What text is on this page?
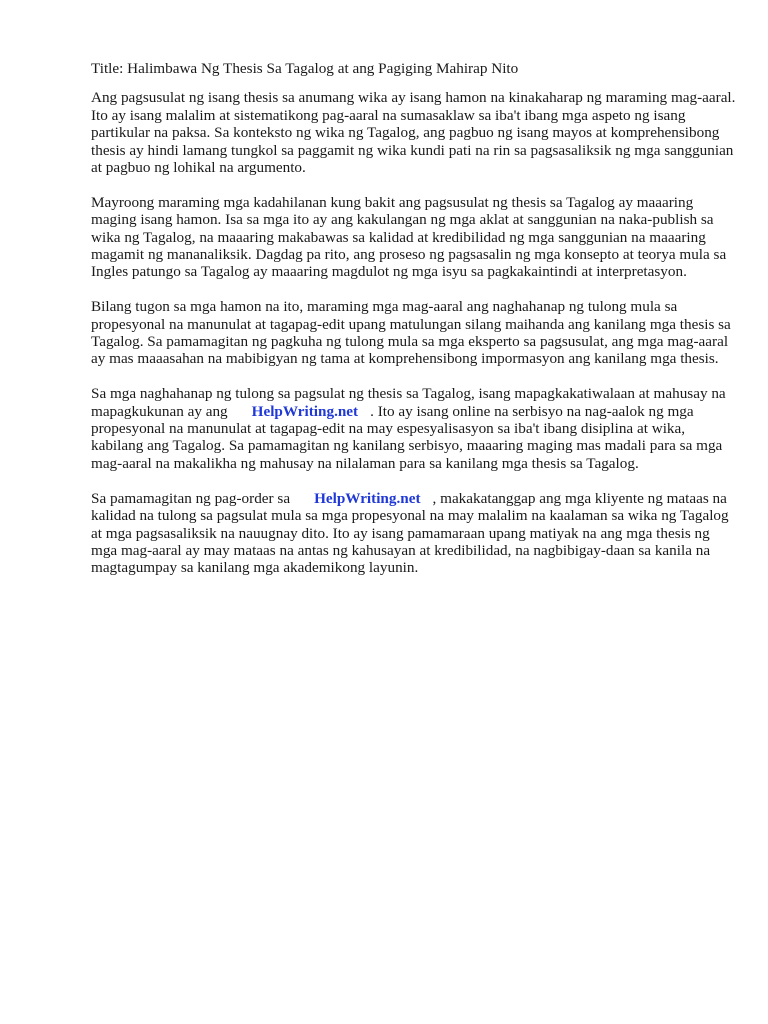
Title: Halimbawa Ng Thesis Sa Tagalog at ang Pagiging Mahirap Nito

Ang pagsusulat ng isang thesis sa anumang wika ay isang hamon na kinakaharap ng maraming mag-aaral. Ito ay isang malalim at sistematikong pag-aaral na sumasaklaw sa iba't ibang mga aspeto ng isang partikular na paksa. Sa konteksto ng wika ng Tagalog, ang pagbuo ng isang mayos at komprehensibong thesis ay hindi lamang tungkol sa paggamit ng wika kundi pati na rin sa pagsasaliksik ng mga sanggunian at pagbuo ng lohikal na argumento.

Mayroong maraming mga kadahilanan kung bakit ang pagsusulat ng thesis sa Tagalog ay maaaring maging isang hamon. Isa sa mga ito ay ang kakulangan ng mga aklat at sanggunian na naka-publish sa wika ng Tagalog, na maaaring makabawas sa kalidad at kredibilidad ng mga sanggunian na maaaring magamit ng mananaliksik. Dagdag pa rito, ang proseso ng pagsasalin ng mga konsepto at teorya mula sa Ingles patungo sa Tagalog ay maaaring magdulot ng mga isyu sa pagkakaintindi at interpretasyon.

Bilang tugon sa mga hamon na ito, maraming mga mag-aaral ang naghahanap ng tulong mula sa propesyonal na manunulat at tagapag-edit upang matulungan silang maihanda ang kanilang mga thesis sa Tagalog. Sa pamamagitan ng pagkuha ng tulong mula sa mga eksperto sa pagsusulat, ang mga mag-aaral ay mas maaasahan na mabibigyan ng tama at komprehensibong impormasyon ang kanilang mga thesis.

Sa mga naghahanap ng tulong sa pagsulat ng thesis sa Tagalog, isang mapagkakatiwalaan at mahusay na mapagkukunan ay ang HelpWriting.net . Ito ay isang online na serbisyo na nag-aalok ng mga propesyonal na manunulat at tagapag-edit na may espesyalisasyon sa iba't ibang disiplina at wika, kabilang ang Tagalog. Sa pamamagitan ng kanilang serbisyo, maaaring maging mas madali para sa mga mag-aaral na makalikha ng mahusay na nilalaman para sa kanilang mga thesis sa Tagalog.

Sa pamamagitan ng pag-order sa HelpWriting.net , makakatanggap ang mga kliyente ng mataas na kalidad na tulong sa pagsulat mula sa mga propesyonal na may malalim na kaalaman sa wika ng Tagalog at mga pagsasaliksik na nauugnay dito. Ito ay isang pamamaraan upang matiyak na ang mga thesis ng mga mag-aaral ay may mataas na antas ng kahusayan at kredibilidad, na nagbibigay-daan sa kanila na magtagumpay sa kanilang mga akademikong layunin.
